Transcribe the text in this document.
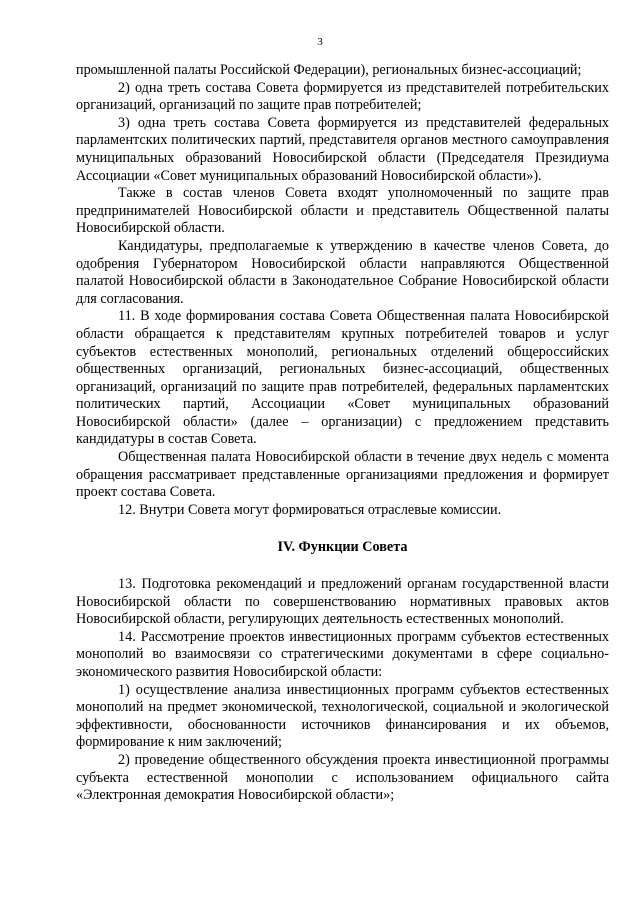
3

промышленной палаты Российской Федерации), региональных бизнес-ассоциаций;

2) одна треть состава Совета формируется из представителей потребительских организаций, организаций по защите прав потребителей;

3) одна треть состава Совета формируется из представителей федеральных парламентских политических партий, представителя органов местного самоуправления муниципальных образований Новосибирской области (Председателя Президиума Ассоциации «Совет муниципальных образований Новосибирской области»).

Также в состав членов Совета входят уполномоченный по защите прав предпринимателей Новосибирской области и представитель Общественной палаты Новосибирской области.

Кандидатуры, предполагаемые к утверждению в качестве членов Совета, до одобрения Губернатором Новосибирской области направляются Общественной палатой Новосибирской области в Законодательное Собрание Новосибирской области для согласования.

11. В ходе формирования состава Совета Общественная палата Новосибирской области обращается к представителям крупных потребителей товаров и услуг субъектов естественных монополий, региональных отделений общероссийских общественных организаций, региональных бизнес-ассоциаций, общественных организаций, организаций по защите прав потребителей, федеральных парламентских политических партий, Ассоциации «Совет муниципальных образований Новосибирской области» (далее – организации) с предложением представить кандидатуры в состав Совета.

Общественная палата Новосибирской области в течение двух недель с момента обращения рассматривает представленные организациями предложения и формирует проект состава Совета.

12. Внутри Совета могут формироваться отраслевые комиссии.

IV. Функции Совета

13. Подготовка рекомендаций и предложений органам государственной власти Новосибирской области по совершенствованию нормативных правовых актов Новосибирской области, регулирующих деятельность естественных монополий.

14. Рассмотрение проектов инвестиционных программ субъектов естественных монополий во взаимосвязи со стратегическими документами в сфере социально-экономического развития Новосибирской области:

1) осуществление анализа инвестиционных программ субъектов естественных монополий на предмет экономической, технологической, социальной и экологической эффективности, обоснованности источников финансирования и их объемов, формирование к ним заключений;

2) проведение общественного обсуждения проекта инвестиционной программы субъекта естественной монополии с использованием официального сайта «Электронная демократия Новосибирской области»;
